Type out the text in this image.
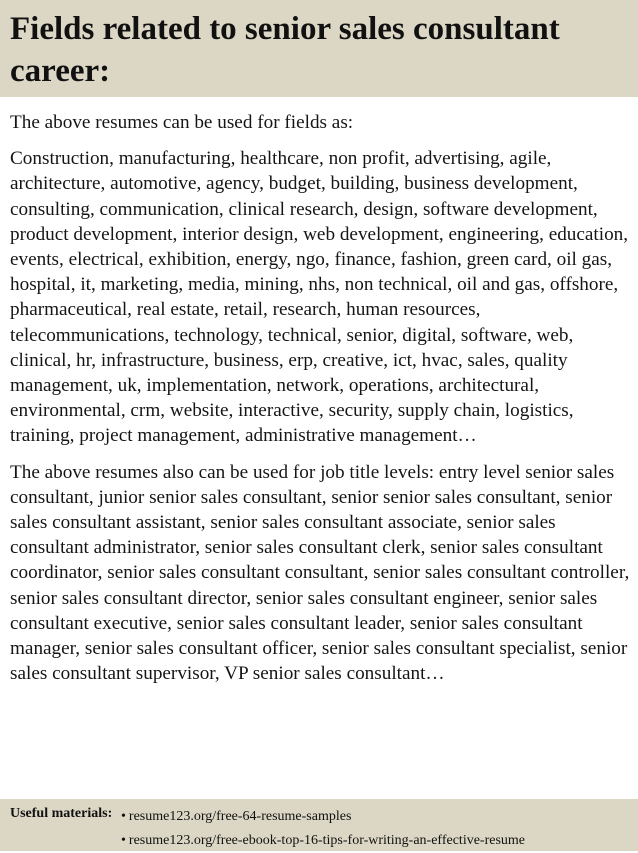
Fields related to senior sales consultant career:

The above resumes can be used for fields as:

Construction, manufacturing, healthcare, non profit, advertising, agile, architecture, automotive, agency, budget, building, business development, consulting, communication, clinical research, design, software development, product development, interior design, web development, engineering, education, events, electrical, exhibition, energy, ngo, finance, fashion, green card, oil gas, hospital, it, marketing, media, mining, nhs, non technical, oil and gas, offshore, pharmaceutical, real estate, retail, research, human resources, telecommunications, technology, technical, senior, digital, software, web, clinical, hr, infrastructure, business, erp, creative, ict, hvac, sales, quality management, uk, implementation, network, operations, architectural, environmental, crm, website, interactive, security, supply chain, logistics, training, project management, administrative management…

The above resumes also can be used for job title levels: entry level senior sales consultant, junior senior sales consultant, senior senior sales consultant, senior sales consultant assistant, senior sales consultant associate, senior sales consultant administrator, senior sales consultant clerk, senior sales consultant coordinator, senior sales consultant consultant, senior sales consultant controller, senior sales consultant director, senior sales consultant engineer, senior sales consultant executive, senior sales consultant leader, senior sales consultant manager, senior sales consultant officer, senior sales consultant specialist, senior sales consultant supervisor, VP senior sales consultant…

Useful materials: • resume123.org/free-64-resume-samples
• resume123.org/free-ebook-top-16-tips-for-writing-an-effective-resume
